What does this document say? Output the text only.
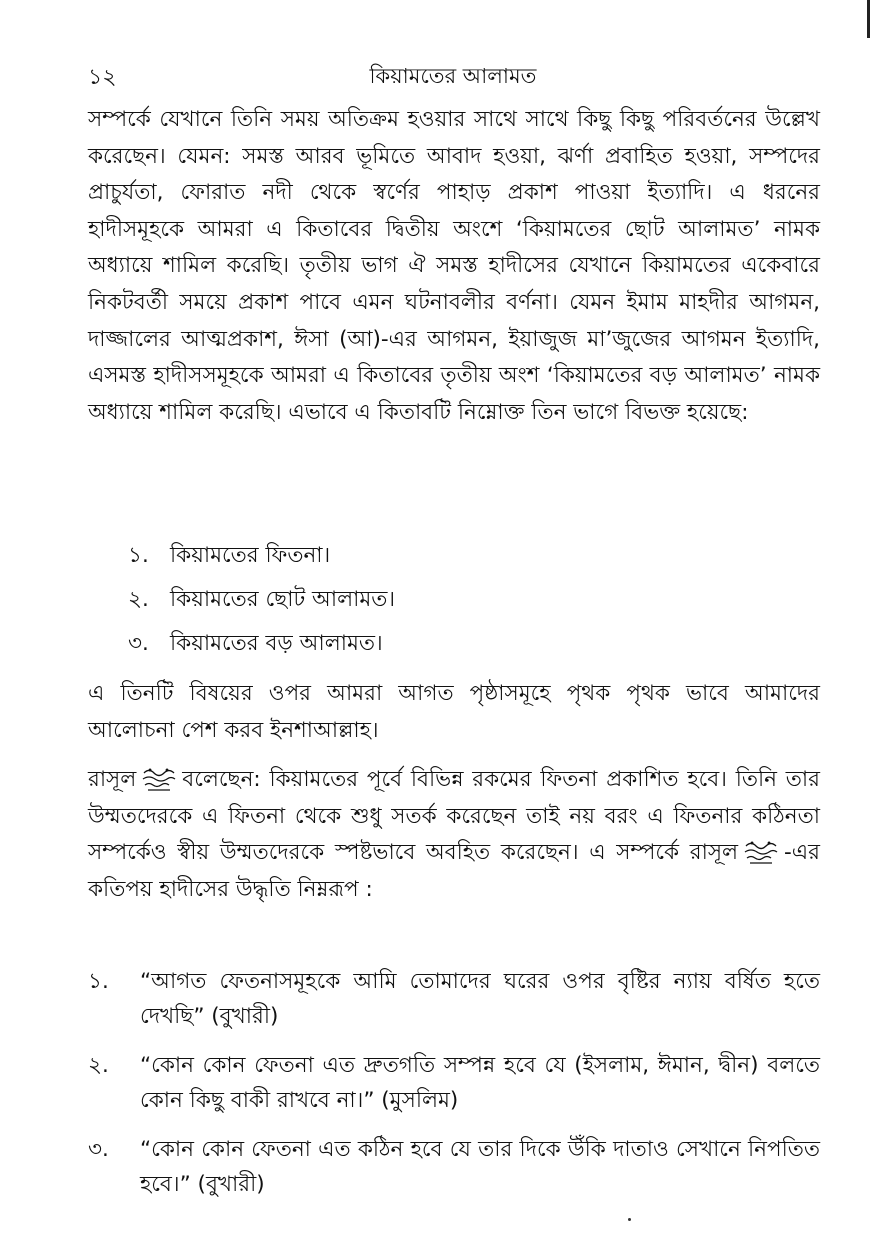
১২	কিয়ামতের আলামত
সম্পর্কে যেখানে তিনি সময় অতিক্রম হওয়ার সাথে সাথে কিছু কিছু পরিবর্তনের উল্লেখ করেছেন। যেমন: সমস্ত আরব ভূমিতে আবাদ হওয়া, ঝর্ণা প্রবাহিত হওয়া, সম্পদের প্রাচুর্যতা, ফোরাত নদী থেকে স্বর্ণের পাহাড় প্রকাশ পাওয়া ইত্যাদি। এ ধরনের হাদীসমূহকে আমরা এ কিতাবের দ্বিতীয় অংশে ‘কিয়ামতের ছোট আলামত’ নামক অধ্যায়ে শামিল করেছি। তৃতীয় ভাগ ঐ সমস্ত হাদীসের যেখানে কিয়ামতের একেবারে নিকটবর্তী সময়ে প্রকাশ পাবে এমন ঘটনাবলীর বর্ণনা। যেমন ইমাম মাহদীর আগমন, দাজ্জালের আত্মপ্রকাশ, ঈসা (আ)-এর আগমন, ইয়াজুজ মা’জুজের আগমন ইত্যাদি, এসমস্ত হাদীসসমূহকে আমরা এ কিতাবের তৃতীয় অংশ ‘কিয়ামতের বড় আলামত’ নামক অধ্যায়ে শামিল করেছি। এভাবে এ কিতাবটি নিম্নোক্ত তিন ভাগে বিভক্ত হয়েছে:
১. কিয়ামতের ফিতনা।
২. কিয়ামতের ছোট আলামত।
৩. কিয়ামতের বড় আলামত।
এ তিনটি বিষয়ের ওপর আমরা আগত পৃষ্ঠাসমূহে পৃথক পৃথক ভাবে আমাদের আলোচনা পেশ করব ইনশাআল্লাহ।
রাসূল বলেছেন: কিয়ামতের পূর্বে বিভিন্ন রকমের ফিতনা প্রকাশিত হবে। তিনি তার উম্মতদেরকে এ ফিতনা থেকে শুধু সতর্ক করেছেন তাই নয় বরং এ ফিতনার কঠিনতা সম্পর্কেও স্বীয় উম্মতদেরকে স্পষ্টভাবে অবহিত করেছেন। এ সম্পর্কে রাসূল -এর কতিপয় হাদীসের উদ্ধৃতি নিম্নরূপ :
১.	“আগত ফেতনাসমূহকে আমি তোমাদের ঘরের ওপর বৃষ্টির ন্যায় বর্ষিত হতে দেখছি” (বুখারী)
২.	“কোন কোন ফেতনা এত দ্রুতগতি সম্পন্ন হবে যে (ইসলাম, ঈমান, দ্বীন) বলতে কোন কিছু বাকী রাখবে না।” (মুসলিম)
৩.	“কোন কোন ফেতনা এত কঠিন হবে যে তার দিকে উঁকি দাতাও সেখানে নিপতিত হবে।” (বুখারী)
